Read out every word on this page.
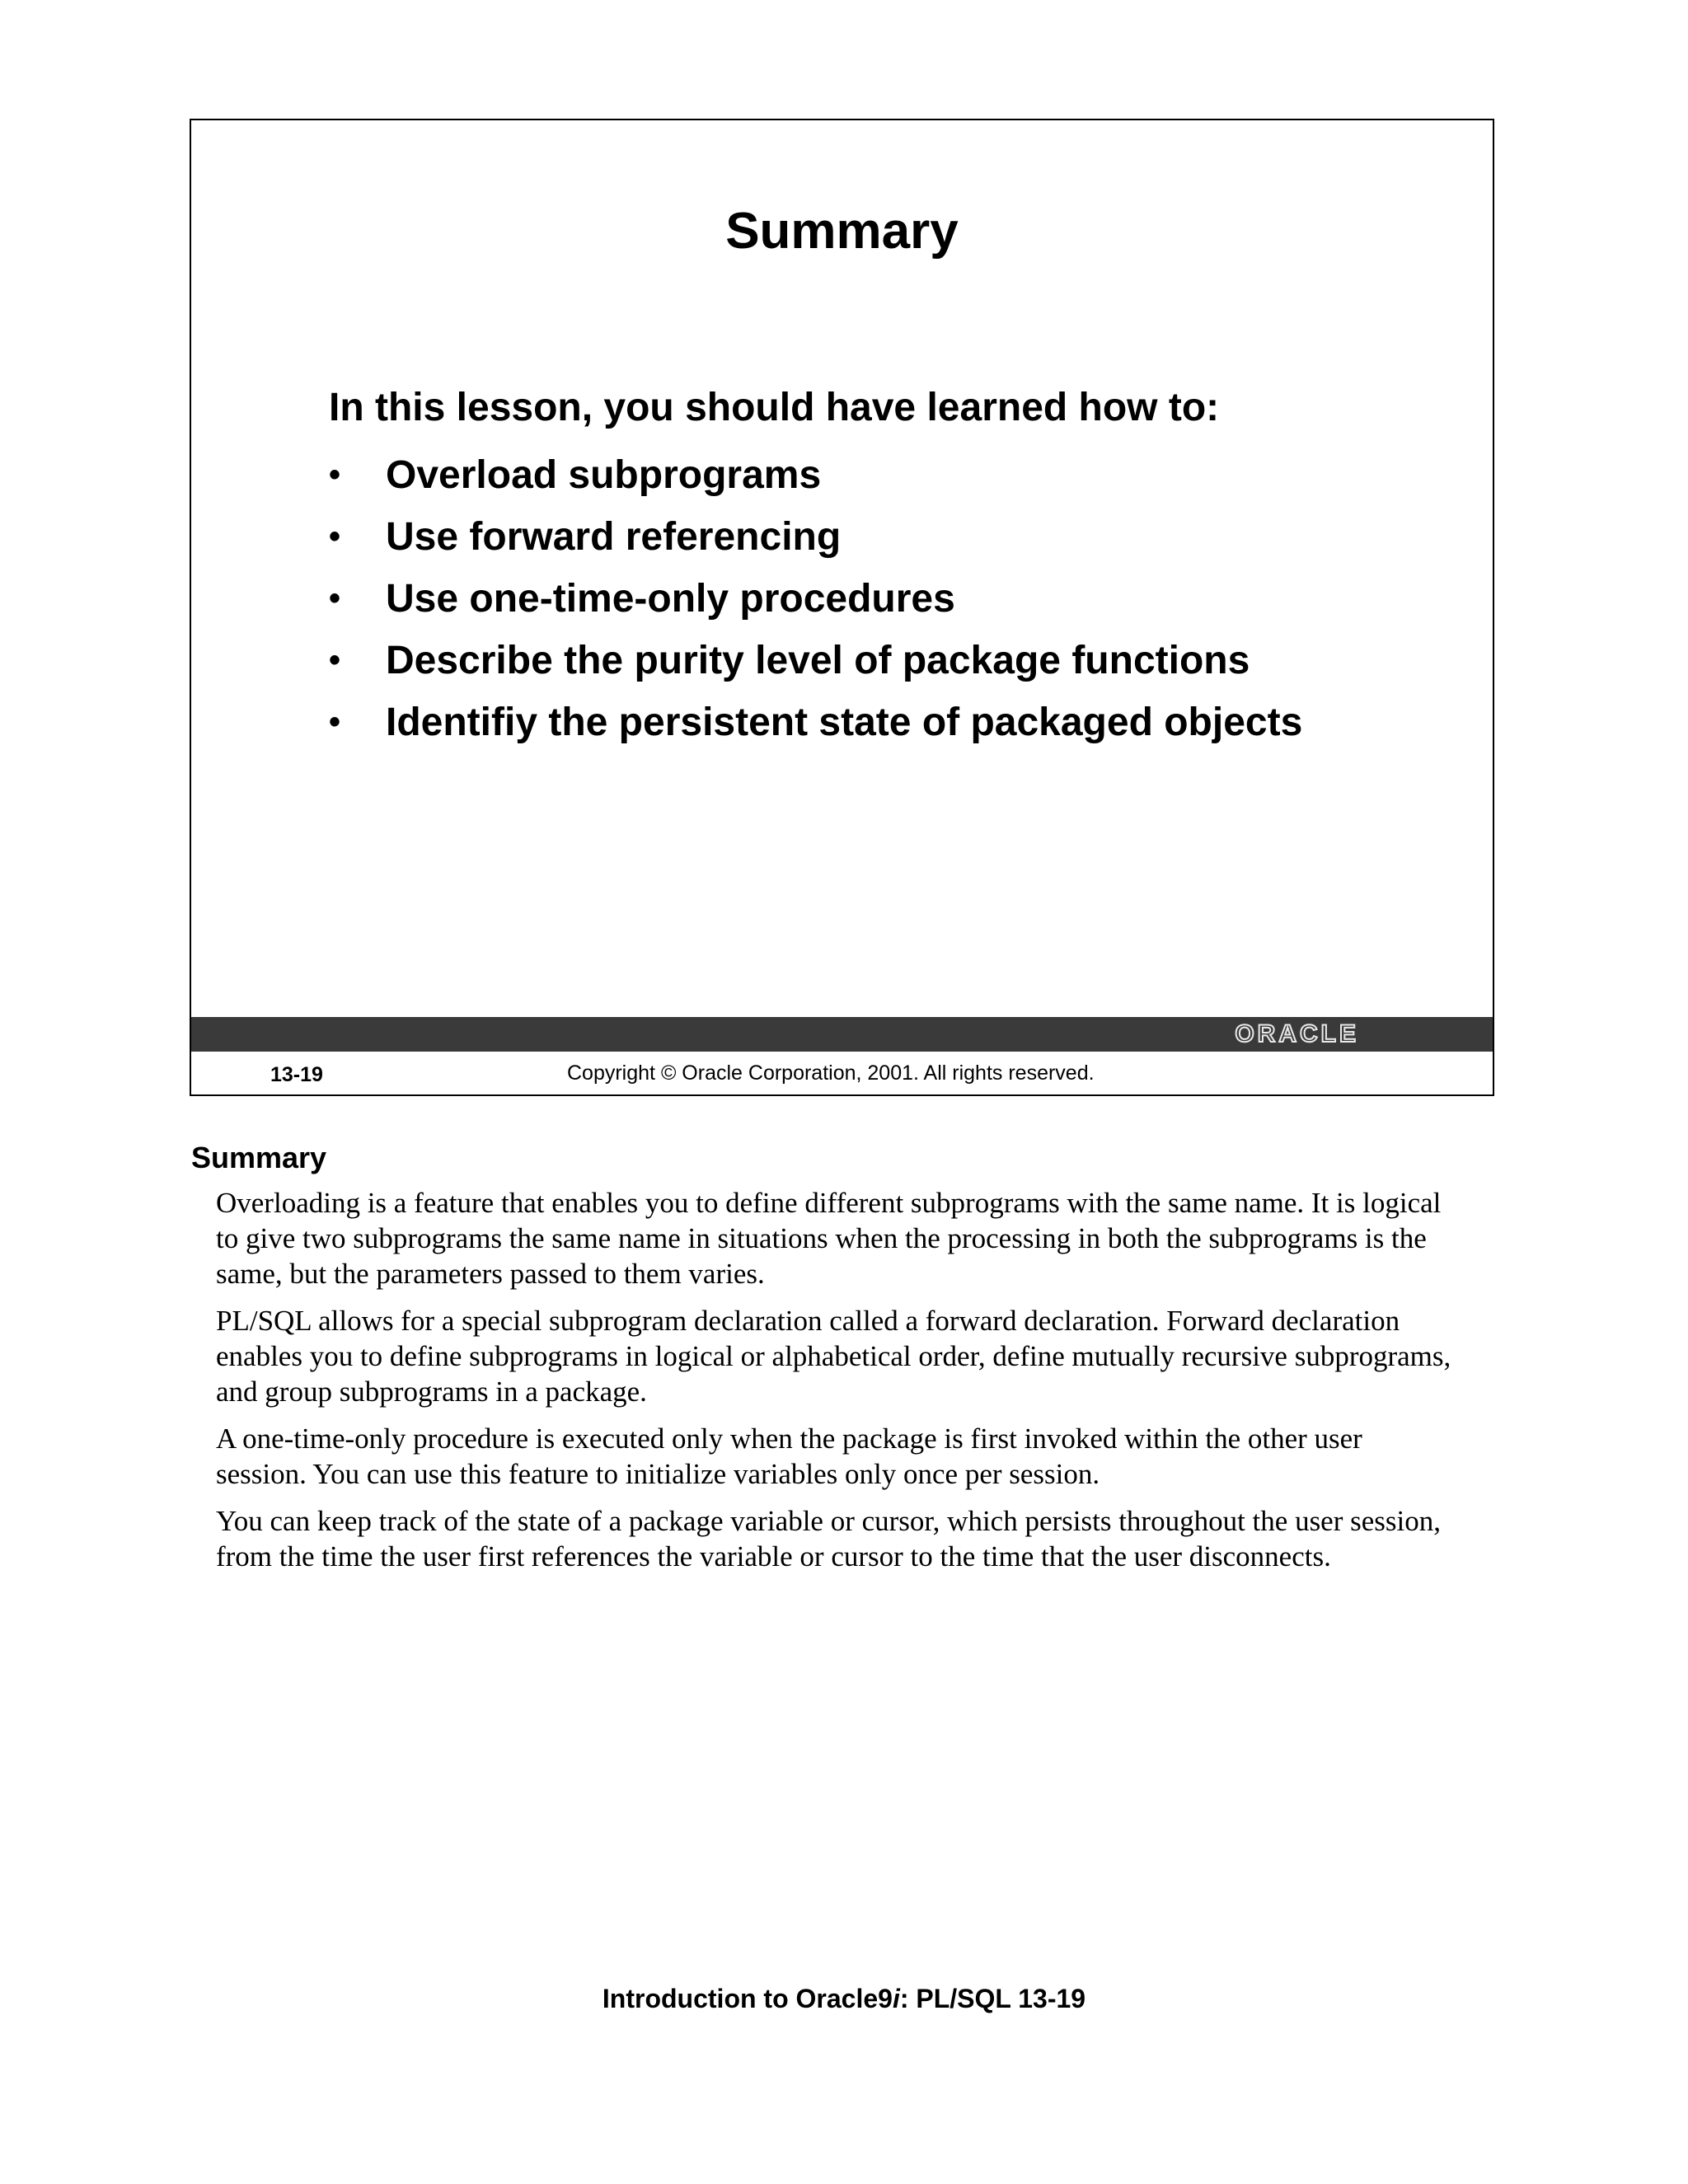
Summary
In this lesson, you should have learned how to:
• Overload subprograms
• Use forward referencing
• Use one-time-only procedures
• Describe the purity level of package functions
• Identifiy the persistent state of packaged objects
ORACLE
13-19	Copyright © Oracle Corporation, 2001. All rights reserved.
Summary

Overloading is a feature that enables you to define different subprograms with the same name. It is logical to give two subprograms the same name in situations when the processing in both the subprograms is the same, but the parameters passed to them varies.

PL/SQL allows for a special subprogram declaration called a forward declaration. Forward declaration enables you to define subprograms in logical or alphabetical order, define mutually recursive subprograms, and group subprograms in a package.

A one-time-only procedure is executed only when the package is first invoked within the other user session. You can use this feature to initialize variables only once per session.

You can keep track of the state of a package variable or cursor, which persists throughout the user session, from the time the user first references the variable or cursor to the time that the user disconnects.

Introduction to Oracle9i: PL/SQL 13-19
